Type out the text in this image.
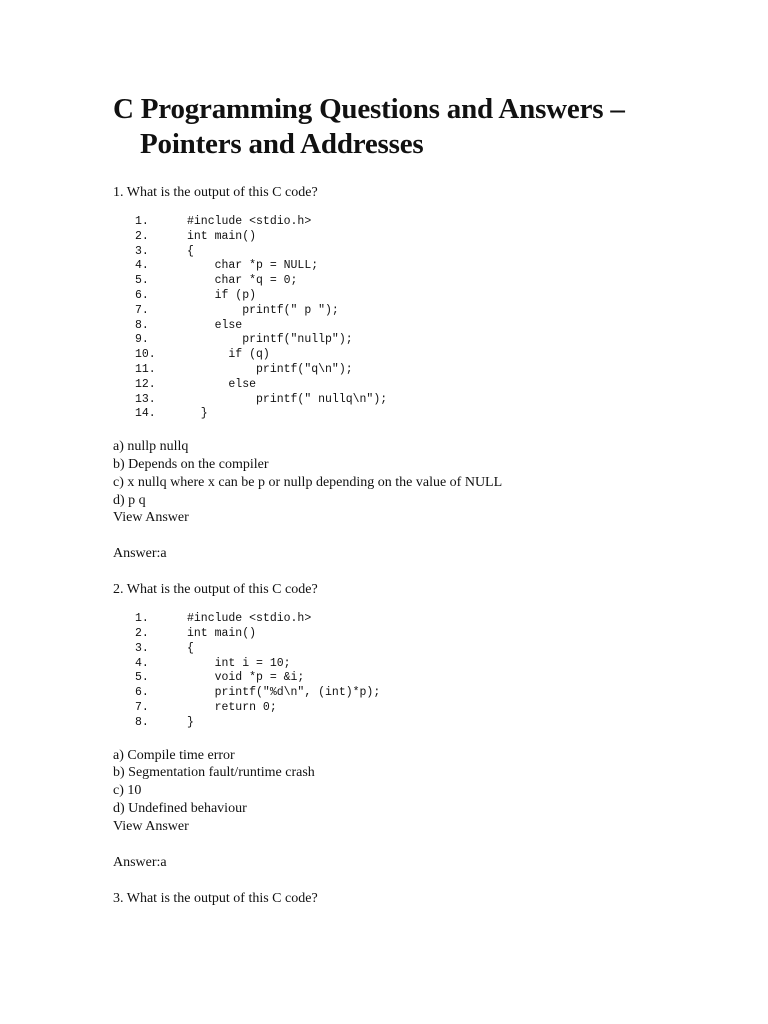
C Programming Questions and Answers –
Pointers and Addresses

1. What is the output of this C code?

1.	#include <stdio.h>
2.	int main()
3.	{
4.	char *p = NULL;
5.	char *q = 0;
6.	if (p)
7.	printf(" p ");
8.	else
9.	printf("nullp");
10.	if (q)
11.	printf("q\n");
12.	else
13.	printf(" nullq\n");
14.	}
a) nullp nullq
b) Depends on the compiler
c) x nullq where x can be p or nullp depending on the value of NULL
d) p q
View Answer

Answer:a

2. What is the output of this C code?

1.	#include <stdio.h>
2.	int main()
3.	{
4.	int i = 10;
5.	void *p = &i;
6.	printf("%d\n", (int)*p);
7.	return 0;
8.	}
a) Compile time error
b) Segmentation fault/runtime crash
c) 10
d) Undefined behaviour
View Answer

Answer:a

3. What is the output of this C code?
